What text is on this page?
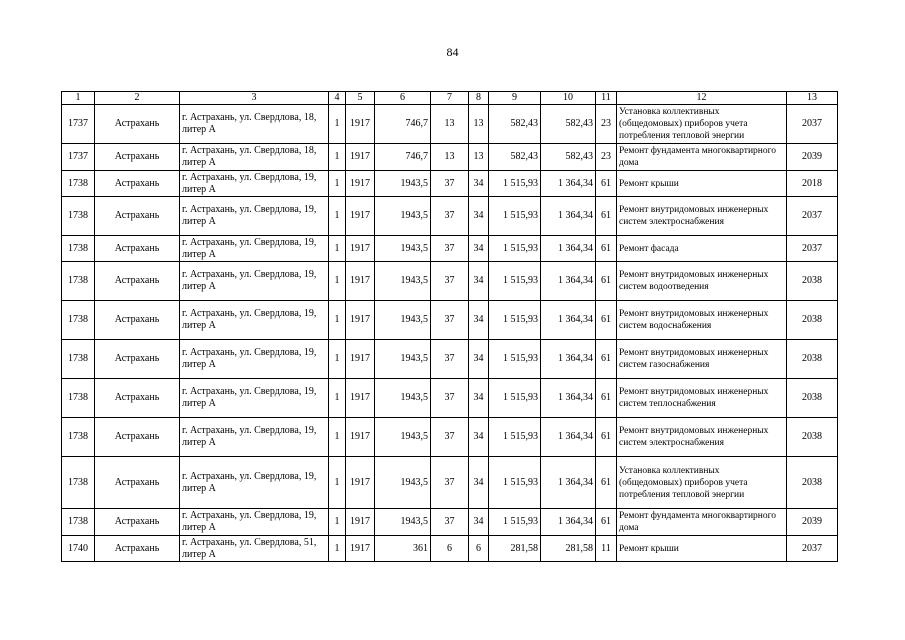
84
1	2	3	4	5	6	7	8	9	10	11	12	13
1737	Астрахань	г. Астрахань, ул. Свердлова, 18, литер А	1	1917	746,7	13	13	582,43	582,43	23	Установка коллективных (общедомовых) приборов учета потребления тепловой энергии	2037
1737	Астрахань	г. Астрахань, ул. Свердлова, 18, литер А	1	1917	746,7	13	13	582,43	582,43	23	Ремонт фундамента многоквартирного дома	2039
1738	Астрахань	г. Астрахань, ул. Свердлова, 19, литер А	1	1917	1943,5	37	34	1 515,93	1 364,34	61	Ремонт крыши	2018
1738	Астрахань	г. Астрахань, ул. Свердлова, 19, литер А	1	1917	1943,5	37	34	1 515,93	1 364,34	61	Ремонт внутридомовых инженерных систем электроснабжения	2037
1738	Астрахань	г. Астрахань, ул. Свердлова, 19, литер А	1	1917	1943,5	37	34	1 515,93	1 364,34	61	Ремонт фасада	2037
1738	Астрахань	г. Астрахань, ул. Свердлова, 19, литер А	1	1917	1943,5	37	34	1 515,93	1 364,34	61	Ремонт внутридомовых инженерных систем водоотведения	2038
1738	Астрахань	г. Астрахань, ул. Свердлова, 19, литер А	1	1917	1943,5	37	34	1 515,93	1 364,34	61	Ремонт внутридомовых инженерных систем водоснабжения	2038
1738	Астрахань	г. Астрахань, ул. Свердлова, 19, литер А	1	1917	1943,5	37	34	1 515,93	1 364,34	61	Ремонт внутридомовых инженерных систем газоснабжения	2038
1738	Астрахань	г. Астрахань, ул. Свердлова, 19, литер А	1	1917	1943,5	37	34	1 515,93	1 364,34	61	Ремонт внутридомовых инженерных систем теплоснабжения	2038
1738	Астрахань	г. Астрахань, ул. Свердлова, 19, литер А	1	1917	1943,5	37	34	1 515,93	1 364,34	61	Ремонт внутридомовых инженерных систем электроснабжения	2038
1738	Астрахань	г. Астрахань, ул. Свердлова, 19, литер А	1	1917	1943,5	37	34	1 515,93	1 364,34	61	Установка коллективных (общедомовых) приборов учета потребления тепловой энергии	2038
1738	Астрахань	г. Астрахань, ул. Свердлова, 19, литер А	1	1917	1943,5	37	34	1 515,93	1 364,34	61	Ремонт фундамента многоквартирного дома	2039
1740	Астрахань	г. Астрахань, ул. Свердлова, 51, литер А	1	1917	361	6	6	281,58	281,58	11	Ремонт крыши	2037
